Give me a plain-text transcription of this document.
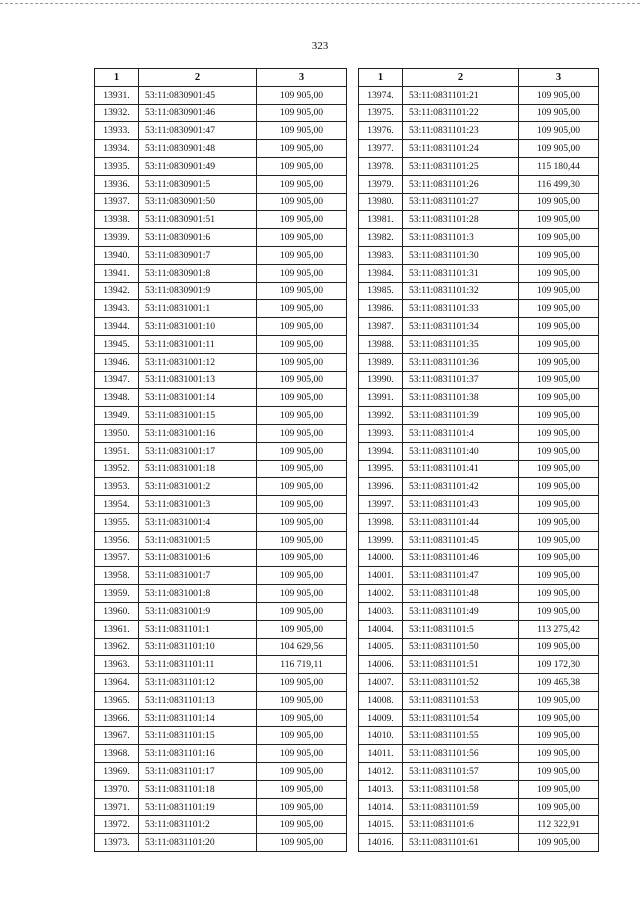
323
1	2	3
13931.	53:11:0830901:45	109 905,00
13932.	53:11:0830901:46	109 905,00
13933.	53:11:0830901:47	109 905,00
13934.	53:11:0830901:48	109 905,00
13935.	53:11:0830901:49	109 905,00
13936.	53:11:0830901:5	109 905,00
13937.	53:11:0830901:50	109 905,00
13938.	53:11:0830901:51	109 905,00
13939.	53:11:0830901:6	109 905,00
13940.	53:11:0830901:7	109 905,00
13941.	53:11:0830901:8	109 905,00
13942.	53:11:0830901:9	109 905,00
13943.	53:11:0831001:1	109 905,00
13944.	53:11:0831001:10	109 905,00
13945.	53:11:0831001:11	109 905,00
13946.	53:11:0831001:12	109 905,00
13947.	53:11:0831001:13	109 905,00
13948.	53:11:0831001:14	109 905,00
13949.	53:11:0831001:15	109 905,00
13950.	53:11:0831001:16	109 905,00
13951.	53:11:0831001:17	109 905,00
13952.	53:11:0831001:18	109 905,00
13953.	53:11:0831001:2	109 905,00
13954.	53:11:0831001:3	109 905,00
13955.	53:11:0831001:4	109 905,00
13956.	53:11:0831001:5	109 905,00
13957.	53:11:0831001:6	109 905,00
13958.	53:11:0831001:7	109 905,00
13959.	53:11:0831001:8	109 905,00
13960.	53:11:0831001:9	109 905,00
13961.	53:11:0831101:1	109 905,00
13962.	53:11:0831101:10	104 629,56
13963.	53:11:0831101:11	116 719,11
13964.	53:11:0831101:12	109 905,00
13965.	53:11:0831101:13	109 905,00
13966.	53:11:0831101:14	109 905,00
13967.	53:11:0831101:15	109 905,00
13968.	53:11:0831101:16	109 905,00
13969.	53:11:0831101:17	109 905,00
13970.	53:11:0831101:18	109 905,00
13971.	53:11:0831101:19	109 905,00
13972.	53:11:0831101:2	109 905,00
13973.	53:11:0831101:20	109 905,00
1	2	3
13974.	53:11:0831101:21	109 905,00
13975.	53:11:0831101:22	109 905,00
13976.	53:11:0831101:23	109 905,00
13977.	53:11:0831101:24	109 905,00
13978.	53:11:0831101:25	115 180,44
13979.	53:11:0831101:26	116 499,30
13980.	53:11:0831101:27	109 905,00
13981.	53:11:0831101:28	109 905,00
13982.	53:11:0831101:3	109 905,00
13983.	53:11:0831101:30	109 905,00
13984.	53:11:0831101:31	109 905,00
13985.	53:11:0831101:32	109 905,00
13986.	53:11:0831101:33	109 905,00
13987.	53:11:0831101:34	109 905,00
13988.	53:11:0831101:35	109 905,00
13989.	53:11:0831101:36	109 905,00
13990.	53:11:0831101:37	109 905,00
13991.	53:11:0831101:38	109 905,00
13992.	53:11:0831101:39	109 905,00
13993.	53:11:0831101:4	109 905,00
13994.	53:11:0831101:40	109 905,00
13995.	53:11:0831101:41	109 905,00
13996.	53:11:0831101:42	109 905,00
13997.	53:11:0831101:43	109 905,00
13998.	53:11:0831101:44	109 905,00
13999.	53:11:0831101:45	109 905,00
14000.	53:11:0831101:46	109 905,00
14001.	53:11:0831101:47	109 905,00
14002.	53:11:0831101:48	109 905,00
14003.	53:11:0831101:49	109 905,00
14004.	53:11:0831101:5	113 275,42
14005.	53:11:0831101:50	109 905,00
14006.	53:11:0831101:51	109 172,30
14007.	53:11:0831101:52	109 465,38
14008.	53:11:0831101:53	109 905,00
14009.	53:11:0831101:54	109 905,00
14010.	53:11:0831101:55	109 905,00
14011.	53:11:0831101:56	109 905,00
14012.	53:11:0831101:57	109 905,00
14013.	53:11:0831101:58	109 905,00
14014.	53:11:0831101:59	109 905,00
14015.	53:11:0831101:6	112 322,91
14016.	53:11:0831101:61	109 905,00
